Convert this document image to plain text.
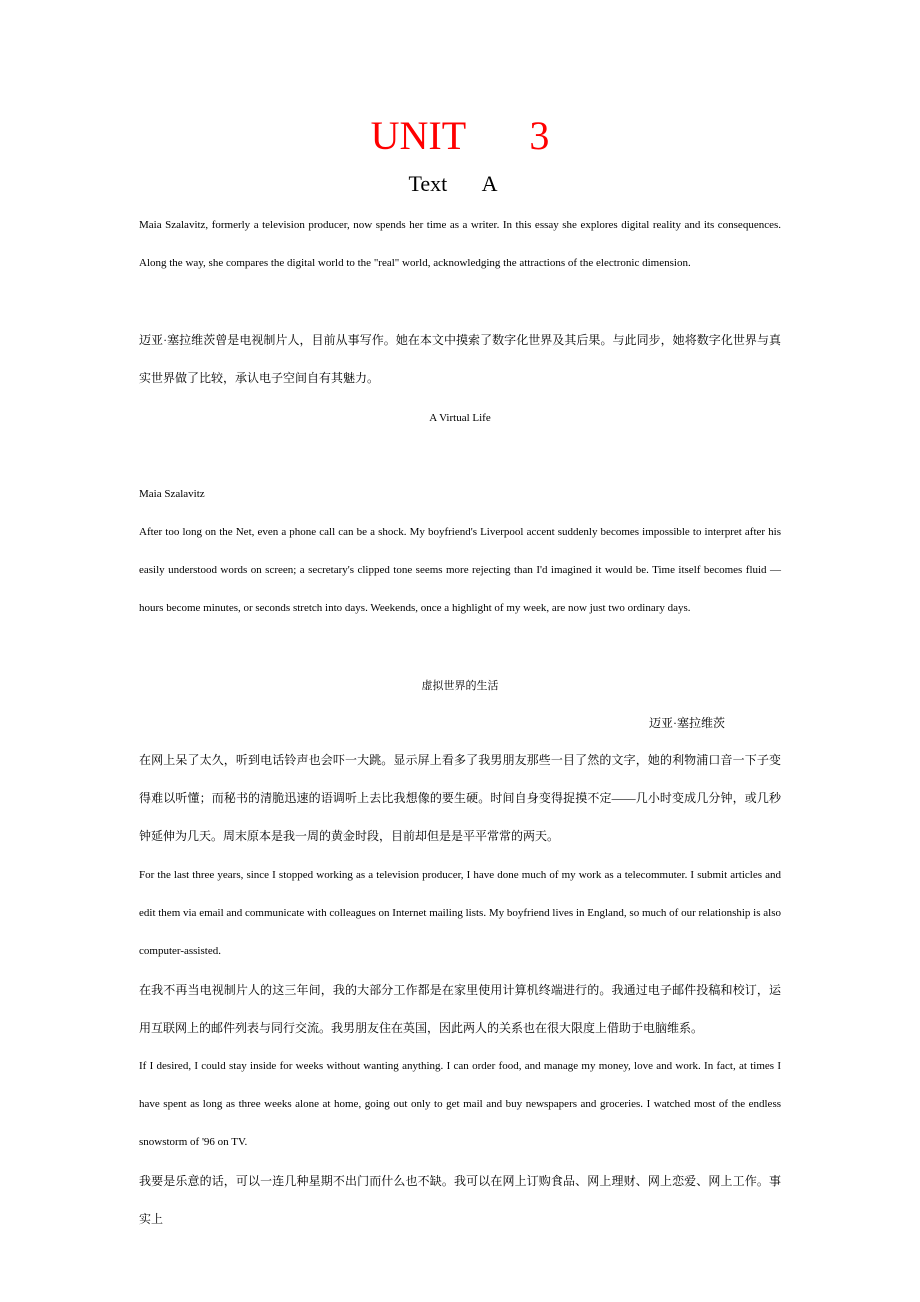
UNIT 3
Text A

Maia Szalavitz, formerly a television producer, now spends her time as a writer. In this essay she explores digital reality and its consequences. Along the way, she compares the digital world to the "real" world, acknowledging the attractions of the electronic dimension.

迈亚·塞拉维茨曾是电视制片人，目前从事写作。她在本文中摸索了数字化世界及其后果。与此同步，她将数字化世界与真实世界做了比较，承认电子空间自有其魅力。

A Virtual Life
Maia Szalavitz

After too long on the Net, even a phone call can be a shock. My boyfriend's Liverpool accent suddenly becomes impossible to interpret after his easily understood words on screen; a secretary's clipped tone seems more rejecting than I'd imagined it would be. Time itself becomes fluid — hours become minutes, or seconds stretch into days. Weekends, once a highlight of my week, are now just two ordinary days.

虚拟世界的生活
迈亚·塞拉维茨

在网上呆了太久，听到电话铃声也会吓一大跳。显示屏上看多了我男朋友那些一目了然的文字，她的利物浦口音一下子变得难以听懂；而秘书的清脆迅速的语调听上去比我想像的要生硬。时间自身变得捉摸不定——几小时变成几分钟，或几秒钟延伸为几天。周末原本是我一周的黄金时段，目前却但是是平平常常的两天。

For the last three years, since I stopped working as a television producer, I have done much of my work as a telecommuter. I submit articles and edit them via email and communicate with colleagues on Internet mailing lists. My boyfriend lives in England, so much of our relationship is also computer-assisted.

在我不再当电视制片人的这三年间，我的大部分工作都是在家里使用计算机终端进行的。我通过电子邮件投稿和校订，运用互联网上的邮件列表与同行交流。我男朋友住在英国，因此两人的关系也在很大限度上借助于电脑维系。

If I desired, I could stay inside for weeks without wanting anything. I can order food, and manage my money, love and work. In fact, at times I have spent as long as three weeks alone at home, going out only to get mail and buy newspapers and groceries. I watched most of the endless snowstorm of '96 on TV.

我要是乐意的话，可以一连几种星期不出门而什么也不缺。我可以在网上订购食品、网上理财、网上恋爱、网上工作。事实上
